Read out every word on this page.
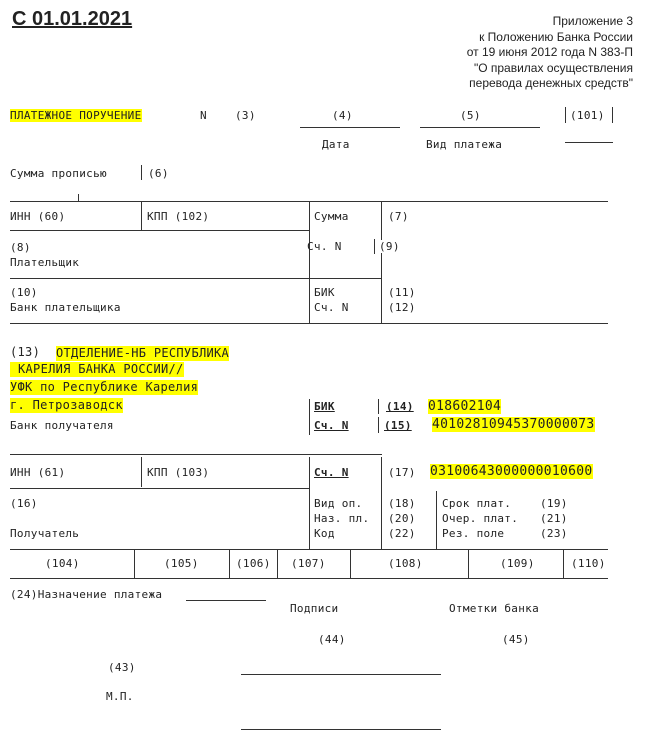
С 01.01.2021	Приложение 3
к Положению Банка России
от 19 июня 2012 года N 383-П
"О правилах осуществления
перевода денежных средств"
ПЛАТЕЖНОЕ ПОРУЧЕНИЕ	N	(3)	(4)	(5)	(101)
Дата	Вид платежа
Сумма прописью	(6)
ИНН (60)	КПП (102)	Сумма	(7)
(8)	Сч. N	(9)
Плательщик
(10)
Банк плательщика
БИК	(11)
Сч. N	(12)
(13) ОТДЕЛЕНИЕ-НБ РЕСПУБЛИКА
КАРЕЛИЯ БАНКА РОССИИ//
УФК по Республике Карелия
г. Петрозаводск
Банк получателя
БИК	(14) 018602104
Сч. N	(15) 40102810945370000073
ИНН (61)	КПП (103)	Сч. N	(17) 03100643000000010600
(16)
Получатель
Вид оп. (18)
Наз. пл. (20)
Код	(22)
Срок плат.	(19)
Очер. плат. (21)
Рез. поле	(23)
(104)	(105)	(106) (107)	(108)	(109)	(110)
(24)Назначение платежа
Подписи	Отметки банка
(44)	(45)
(43)
М.П.
